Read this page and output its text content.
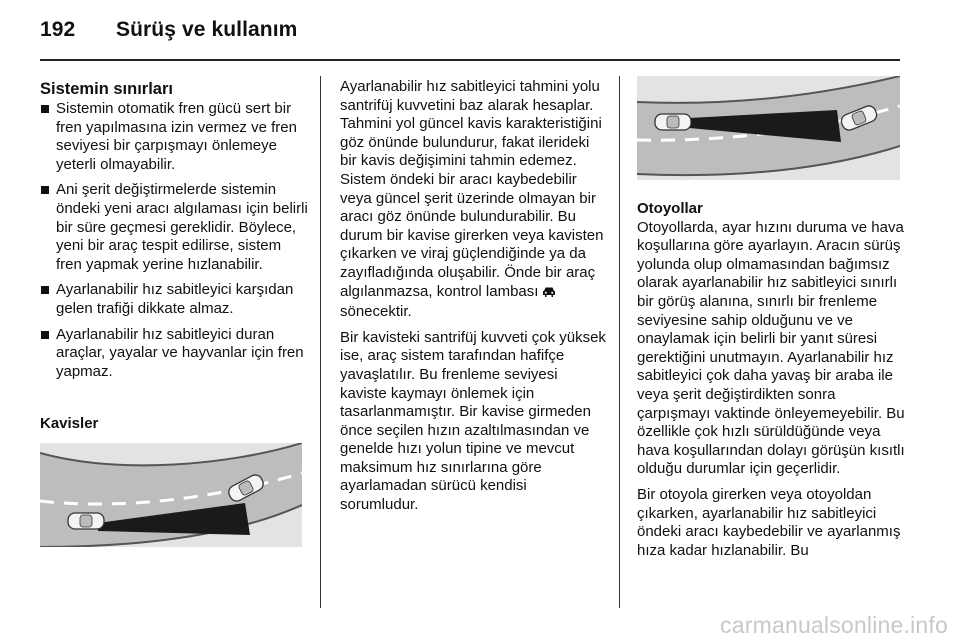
192 Sürüş ve kullanım
Sistemin sınırları
Sistemin otomatik fren gücü sert bir fren yapılmasına izin vermez ve fren seviyesi bir çarpışmayı önlemeye yeterli olmayabilir.
Ani şerit değiştirmelerde sistemin öndeki yeni aracı algılaması için belirli bir süre geçmesi gereklidir. Böylece, yeni bir araç tespit edilirse, sistem fren yapmak yerine hızlanabilir.
Ayarlanabilir hız sabitleyici karşıdan gelen trafiği dikkate almaz.
Ayarlanabilir hız sabitleyici duran araçlar, yayalar ve hayvanlar için fren yapmaz.
Kavisler

Ayarlanabilir hız sabitleyici tahmini yolu santrifüj kuvvetini baz alarak hesaplar. Tahmini yol güncel kavis karakteristiğini göz önünde bulundurur, fakat ilerideki bir kavis değişimini tahmin edemez. Sistem öndeki bir aracı kaybedebilir veya güncel şerit üzerinde olmayan bir aracı göz önünde bulundurabilir. Bu durum bir kavise girerken veya kavisten çıkarken ve viraj güçlendiğinde ya da zayıfladığında oluşabilir. Önde bir araç algılanmazsa, kontrol lambası
sönecektir.

Bir kavisteki santrifüj kuvveti çok yüksek ise, araç sistem tarafından hafifçe yavaşlatılır. Bu frenleme seviyesi kaviste kaymayı önlemek için tasarlanmamıştır. Bir kavise girmeden önce seçilen hızın azaltılmasından ve genelde hızı yolun tipine ve mevcut maksimum hız sınırlarına göre ayarlamadan sürücü kendisi sorumludur.

Otoyollar

Otoyollarda, ayar hızını duruma ve hava koşullarına göre ayarlayın. Aracın sürüş yolunda olup olmamasından bağımsız olarak ayarlanabilir hız sabitleyici sınırlı bir görüş alanına, sınırlı bir frenleme seviyesine sahip olduğunu ve ve onaylamak için belirli bir yanıt süresi gerektiğini unutmayın. Ayarlanabilir hız sabitleyici çok daha yavaş bir araba ile veya şerit değiştirdikten sonra çarpışmayı vaktinde önleyemeyebilir. Bu özellikle çok hızlı sürüldüğünde veya hava koşullarından dolayı görüşün kısıtlı olduğu durumlar için geçerlidir.

Bir otoyola girerken veya otoyoldan çıkarken, ayarlanabilir hız sabitleyici öndeki aracı kaybedebilir ve ayarlanmış hıza kadar hızlanabilir. Bu

carmanualsonline.info
